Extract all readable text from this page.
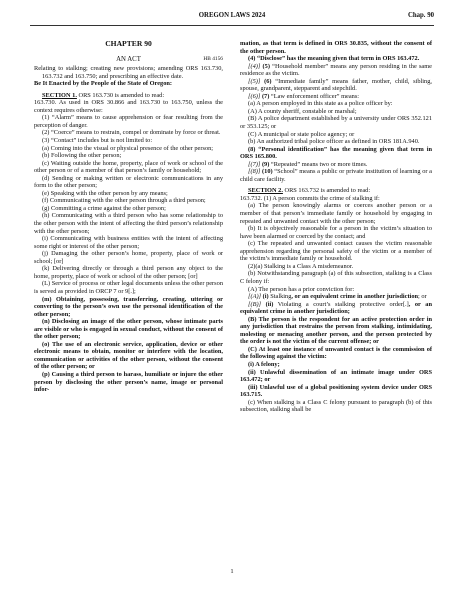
OREGON LAWS 2024	Chap. 90
CHAPTER 90
AN ACT	HB 4156

Relating to stalking; creating new provisions; amending ORS 163.730, 163.732 and 163.750; and prescribing an effective date.

Be It Enacted by the People of the State of Oregon:

SECTION 1. ORS 163.730 is amended to read:

163.730. As used in ORS 30.866 and 163.730 to 163.750, unless the context requires otherwise:

(1) “Alarm” means to cause apprehension or fear resulting from the perception of danger.

(2) “Coerce” means to restrain, compel or dominate by force or threat.

(3) “Contact” includes but is not limited to:

(a) Coming into the visual or physical presence of the other person;

(b) Following the other person;

(c) Waiting outside the home, property, place of work or school of the other person or of a member of that person’s family or household;

(d) Sending or making written or electronic communications in any form to the other person;

(e) Speaking with the other person by any means;

(f) Communicating with the other person through a third person;

(g) Committing a crime against the other person;

(h) Communicating with a third person who has some relationship to the other person with the intent of affecting the third person’s relationship with the other person;

(i) Communicating with business entities with the intent of affecting some right or interest of the other person;

(j) Damaging the other person’s home, property, place of work or school; [or]

(k) Delivering directly or through a third person any object to the home, property, place of work or school of the other person; [or]

(L) Service of process or other legal documents unless the other person is served as provided in ORCP 7 or 9[.];

(m) Obtaining, possessing, transferring, creating, uttering or converting to the person’s own use the personal identification of the other person;

(n) Disclosing an image of the other person, whose intimate parts are visible or who is engaged in sexual conduct, without the consent of the other person;

(o) The use of an electronic service, application, device or other electronic means to obtain, monitor or interfere with the location, communication or activities of the other person, without the consent of the other person; or

(p) Causing a third person to harass, humiliate or injure the other person by disclosing the other person’s name, image or personal infor-

mation, as that term is defined in ORS 30.835, without the consent of the other person.

(4) “Disclose” has the meaning given that term in ORS 163.472.

[(4)] (5) “Household member” means any person residing in the same residence as the victim.

[(5)] (6) “Immediate family” means father, mother, child, sibling, spouse, grandparent, stepparent and stepchild.

[(6)] (7) “Law enforcement officer” means:

(a) A person employed in this state as a police officer by:

(A) A county sheriff, constable or marshal;

(B) A police department established by a university under ORS 352.121 or 353.125; or

(C) A municipal or state police agency; or

(b) An authorized tribal police officer as defined in ORS 181A.940.

(8) “Personal identification” has the meaning given that term in ORS 165.800.

[(7)] (9) “Repeated” means two or more times.

[(8)] (10) “School” means a public or private institution of learning or a child care facility.

SECTION 2. ORS 163.732 is amended to read:

163.732. (1) A person commits the crime of stalking if:

(a) The person knowingly alarms or coerces another person or a member of that person’s immediate family or household by engaging in repeated and unwanted contact with the other person;

(b) It is objectively reasonable for a person in the victim’s situation to have been alarmed or coerced by the contact; and

(c) The repeated and unwanted contact causes the victim reasonable apprehension regarding the personal safety of the victim or a member of the victim’s immediate family or household.

(2)(a) Stalking is a Class A misdemeanor.

(b) Notwithstanding paragraph (a) of this subsection, stalking is a Class C felony if:

(A) The person has a prior conviction for:

[(A)] (i) Stalking, or an equivalent crime in another jurisdiction; or

[(B)] (ii) Violating a court’s stalking protective order[.], or an equivalent crime in another jurisdiction;

(B) The person is the respondent for an active protection order in any jurisdiction that restrains the person from stalking, intimidating, molesting or menacing another person, and the person protected by the order is not the victim of the current offense; or

(C) At least one instance of unwanted contact is the commission of the following against the victim:

(i) A felony;

(ii) Unlawful dissemination of an intimate image under ORS 163.472; or

(iii) Unlawful use of a global positioning system device under ORS 163.715.

(c) When stalking is a Class C felony pursuant to paragraph (b) of this subsection, stalking shall be

1
